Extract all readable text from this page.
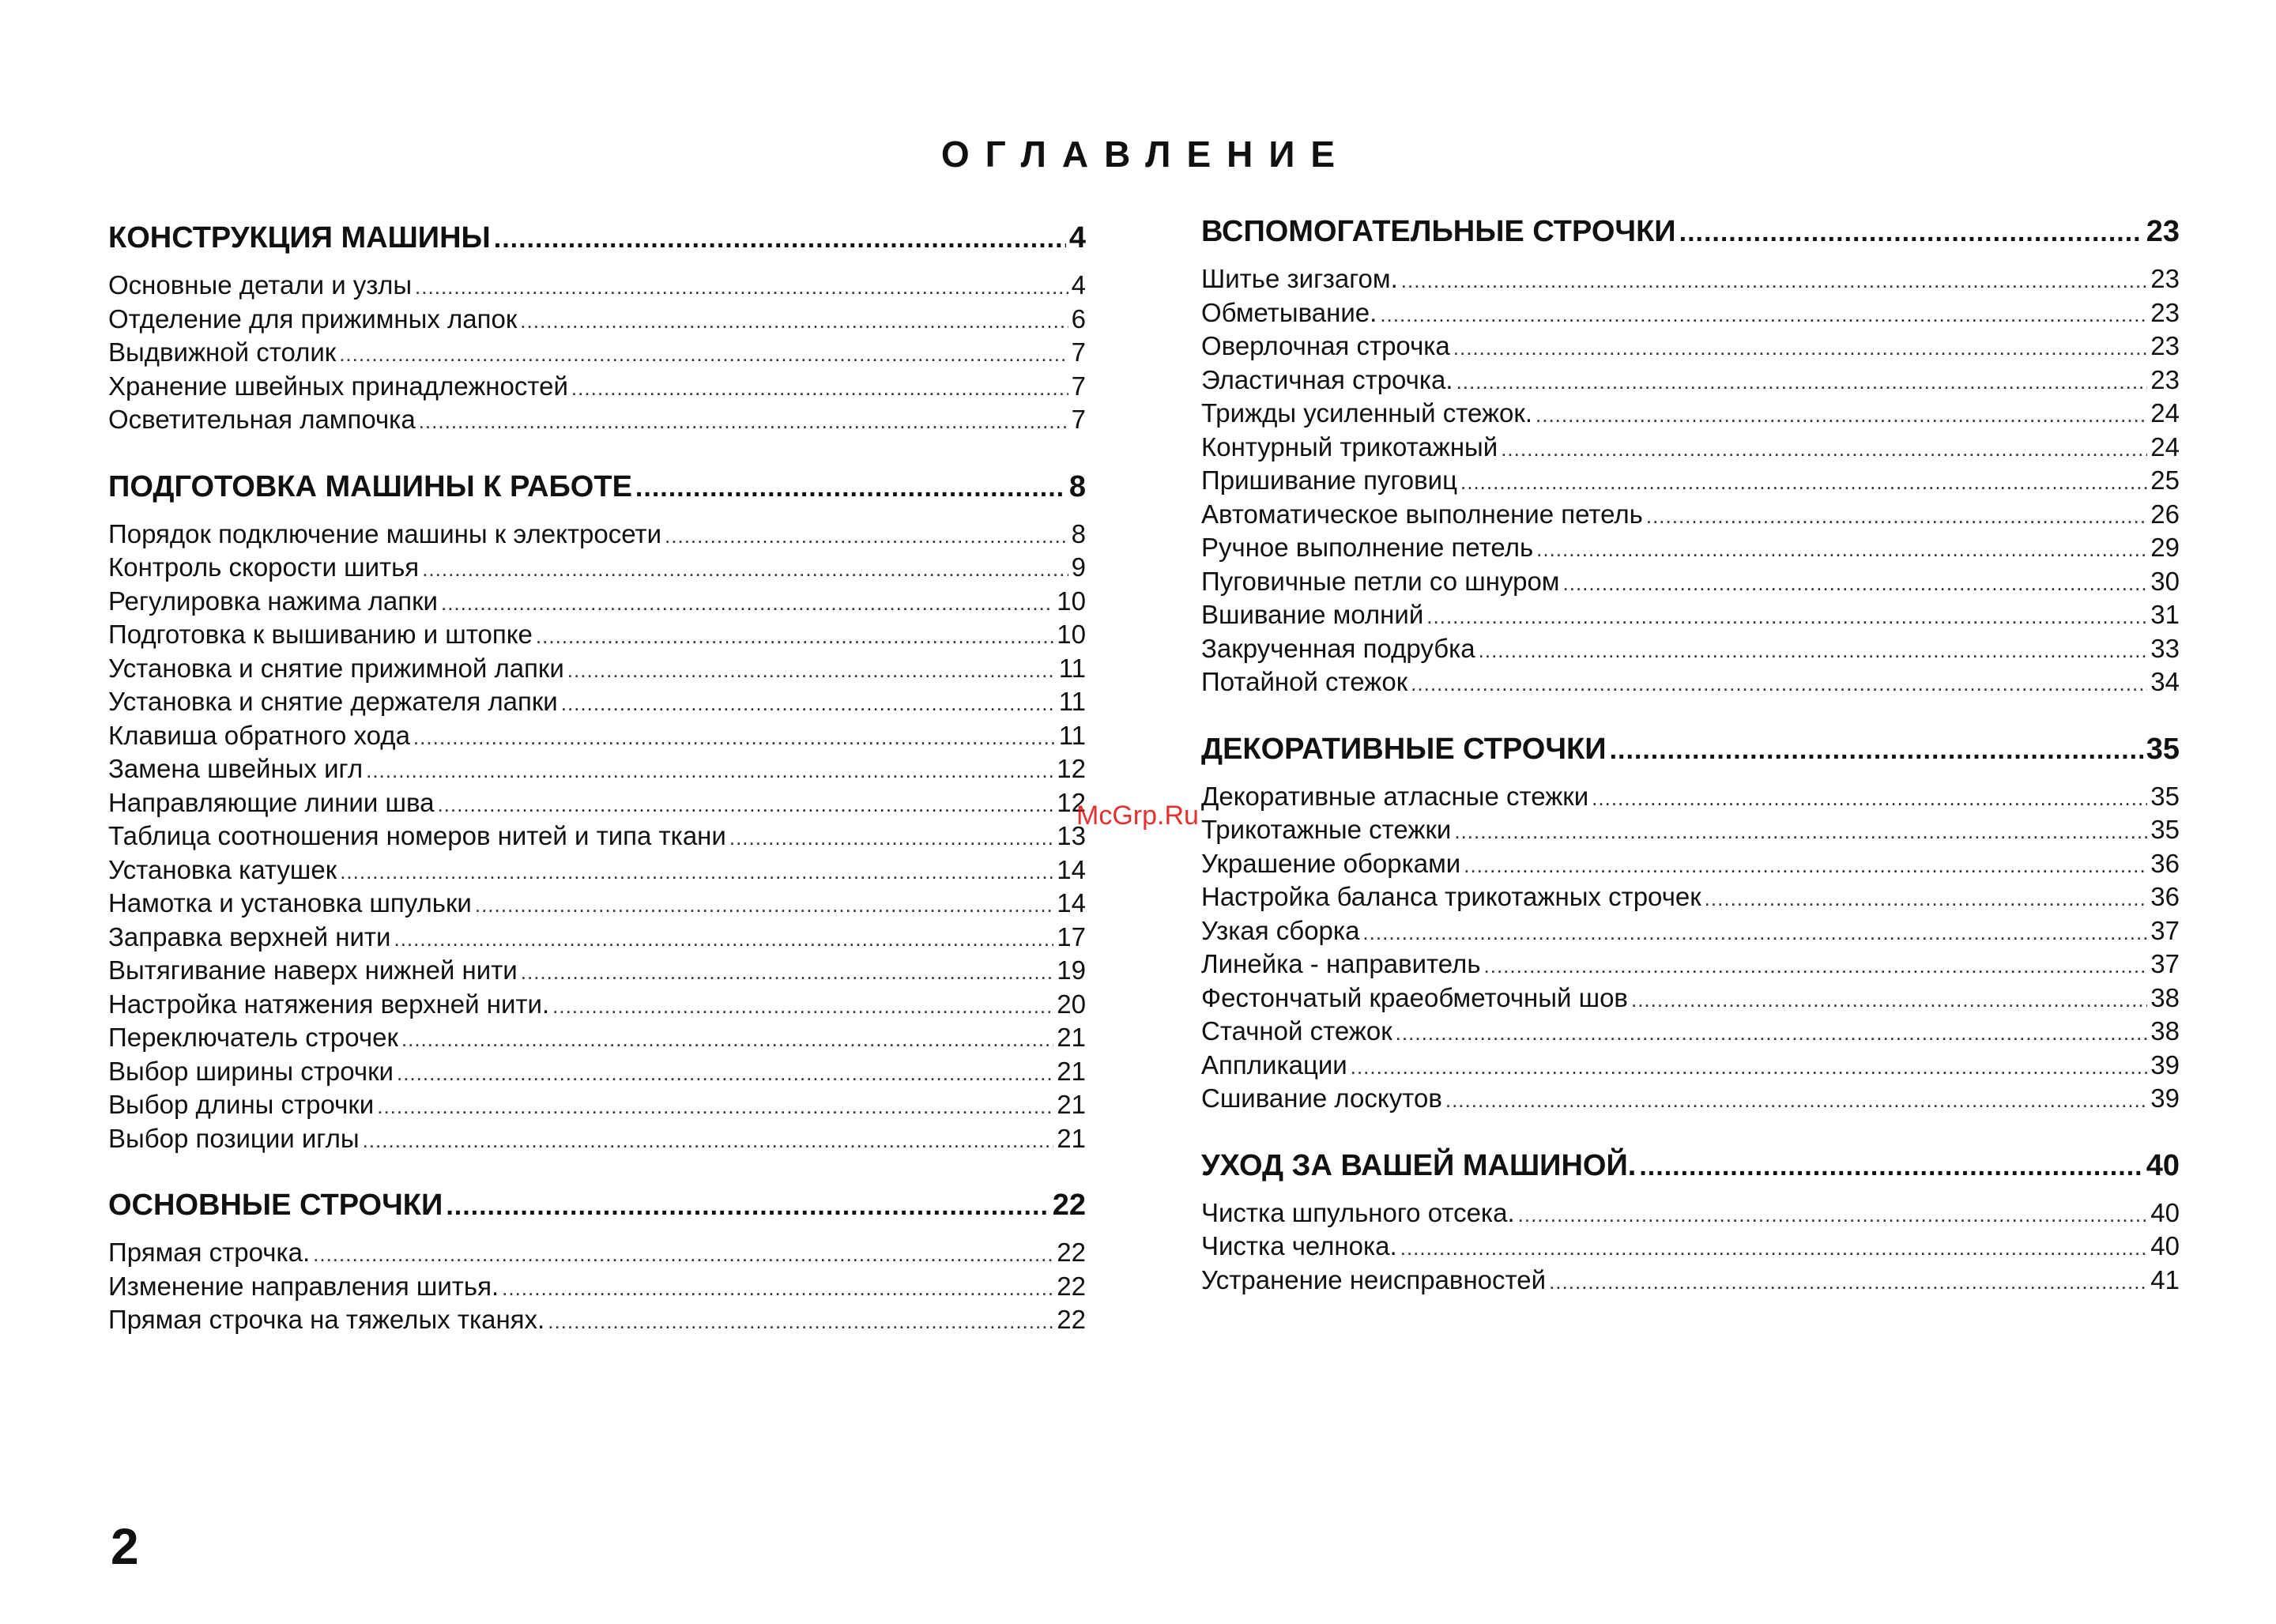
ОГЛАВЛЕНИЕ
КОНСТРУКЦИЯ МАШИНЫ .....	4
Основные детали и узлы .....	4
Отделение для прижимных лапок .....	6
Выдвижной столик .....	7
Хранение швейных принадлежностей .....	7
Осветительная лампочка .....	7
ПОДГОТОВКА МАШИНЫ К РАБОТЕ .....	8
Порядок подключение машины к электросети .....	8
Контроль скорости шитья .....	9
Регулировка нажима лапки .....	10
Подготовка к вышиванию и штопке .....	10
Установка и снятие прижимной лапки .....	11
Установка и снятие держателя лапки .....	11
Клавиша обратного хода .....	11
Замена швейных игл .....	12
Направляющие линии шва .....	12
Таблица соотношения номеров нитей и типа ткани .....	13
Установка катушек .....	14
Намотка и установка шпульки .....	14
Заправка верхней нити .....	17
Вытягивание наверх нижней нити .....	19
Настройка натяжения верхней нити. .....	20
Переключатель строчек .....	21
Выбор ширины строчки .....	21
Выбор длины строчки .....	21
Выбор позиции иглы .....	21
ОСНОВНЫЕ СТРОЧКИ .....	22
Прямая строчка. .....	22
Изменение направления шитья. .....	22
Прямая строчка на тяжелых тканях. .....	22
ВСПОМОГАТЕЛЬНЫЕ СТРОЧКИ .....	23
Шитье зигзагом. .....	23
Обметывание. .....	23
Оверлочная строчка .....	23
Эластичная строчка. .....	23
Трижды усиленный стежок. .....	24
Контурный трикотажный .....	24
Пришивание пуговиц .....	25
Автоматическое выполнение петель .....	26
Ручное выполнение петель .....	29
Пуговичные петли со шнуром .....	30
Вшивание молний .....	31
Закрученная подрубка .....	33
Потайной стежок .....	34
ДЕКОРАТИВНЫЕ СТРОЧКИ .....	35
Декоративные атласные стежки .....	35
Трикотажные стежки .....	35
Украшение оборками .....	36
Настройка баланса трикотажных строчек .....	36
Узкая сборка .....	37
Линейка - направитель .....	37
Фестончатый краеобметочный шов .....	38
Стачной стежок .....	38
Аппликации .....	39
Сшивание лоскутов .....	39
УХОД ЗА ВАШЕЙ МАШИНОЙ. .....	40
Чистка шпульного отсека. .....	40
Чистка челнока. .....	40
Устранение неисправностей .....	41
McGrp.Ru
2
